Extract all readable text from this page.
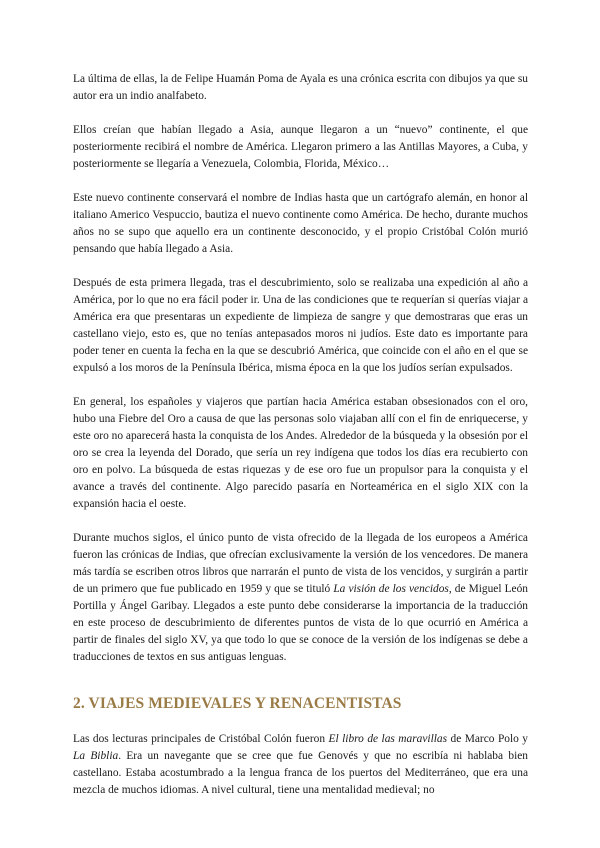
La última de ellas, la de Felipe Huamán Poma de Ayala es una crónica escrita con dibujos ya que su autor era un indio analfabeto.

Ellos creían que habían llegado a Asia, aunque llegaron a un “nuevo” continente, el que posteriormente recibirá el nombre de América. Llegaron primero a las Antillas Mayores, a Cuba, y posteriormente se llegaría a Venezuela, Colombia, Florida, México…

Este nuevo continente conservará el nombre de Indias hasta que un cartógrafo alemán, en honor al italiano Americo Vespuccio, bautiza el nuevo continente como América. De hecho, durante muchos años no se supo que aquello era un continente desconocido, y el propio Cristóbal Colón murió pensando que había llegado a Asia.

Después de esta primera llegada, tras el descubrimiento, solo se realizaba una expedición al año a América, por lo que no era fácil poder ir. Una de las condiciones que te requerían si querías viajar a América era que presentaras un expediente de limpieza de sangre y que demostraras que eras un castellano viejo, esto es, que no tenías antepasados moros ni judíos. Este dato es importante para poder tener en cuenta la fecha en la que se descubrió América, que coincide con el año en el que se expulsó a los moros de la Península Ibérica, misma época en la que los judíos serían expulsados.

En general, los españoles y viajeros que partían hacia América estaban obsesionados con el oro, hubo una Fiebre del Oro a causa de que las personas solo viajaban allí con el fin de enriquecerse, y este oro no aparecerá hasta la conquista de los Andes. Alrededor de la búsqueda y la obsesión por el oro se crea la leyenda del Dorado, que sería un rey indígena que todos los días era recubierto con oro en polvo. La búsqueda de estas riquezas y de ese oro fue un propulsor para la conquista y el avance a través del continente. Algo parecido pasaría en Norteamérica en el siglo XIX con la expansión hacia el oeste.

Durante muchos siglos, el único punto de vista ofrecido de la llegada de los europeos a América fueron las crónicas de Indias, que ofrecían exclusivamente la versión de los vencedores. De manera más tardía se escriben otros libros que narrarán el punto de vista de los vencidos, y surgirán a partir de un primero que fue publicado en 1959 y que se tituló La visión de los vencidos, de Miguel León Portilla y Ángel Garibay. Llegados a este punto debe considerarse la importancia de la traducción en este proceso de descubrimiento de diferentes puntos de vista de lo que ocurrió en América a partir de finales del siglo XV, ya que todo lo que se conoce de la versión de los indígenas se debe a traducciones de textos en sus antiguas lenguas.

2. VIAJES MEDIEVALES Y RENACENTISTAS

Las dos lecturas principales de Cristóbal Colón fueron El libro de las maravillas de Marco Polo y La Biblia. Era un navegante que se cree que fue Genovés y que no escribía ni hablaba bien castellano. Estaba acostumbrado a la lengua franca de los puertos del Mediterráneo, que era una mezcla de muchos idiomas. A nivel cultural, tiene una mentalidad medieval; no
